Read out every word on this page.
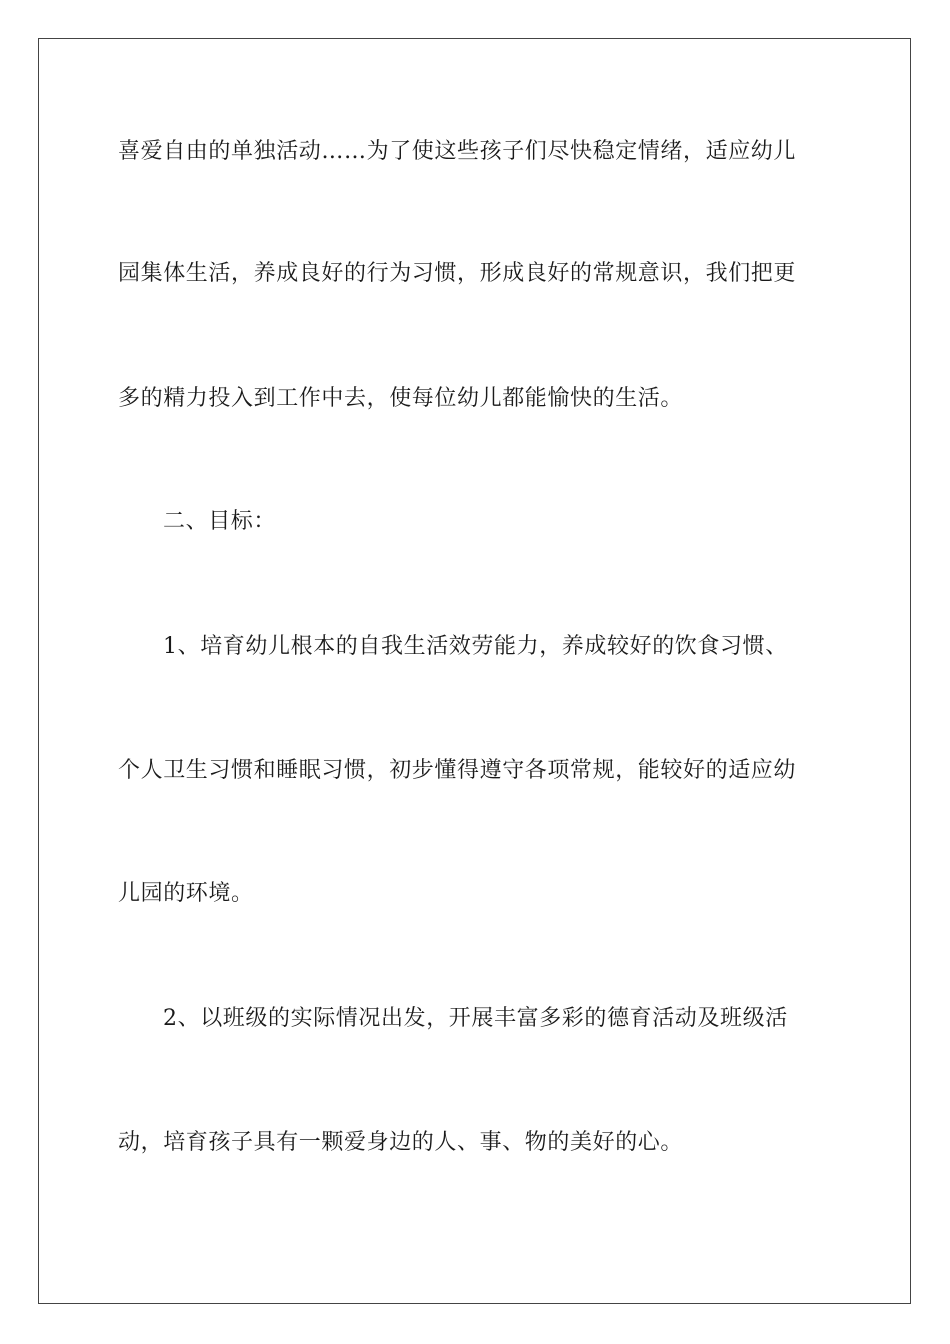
喜爱自由的单独活动……为了使这些孩子们尽快稳定情绪，适应幼儿
园集体生活，养成良好的行为习惯，形成良好的常规意识，我们把更
多的精力投入到工作中去，使每位幼儿都能愉快的生活。
二、目标：
1、培育幼儿根本的自我生活效劳能力，养成较好的饮食习惯、
个人卫生习惯和睡眠习惯，初步懂得遵守各项常规，能较好的适应幼
儿园的环境。
2、以班级的实际情况出发，开展丰富多彩的德育活动及班级活
动，培育孩子具有一颗爱身边的人、事、物的美好的心。
